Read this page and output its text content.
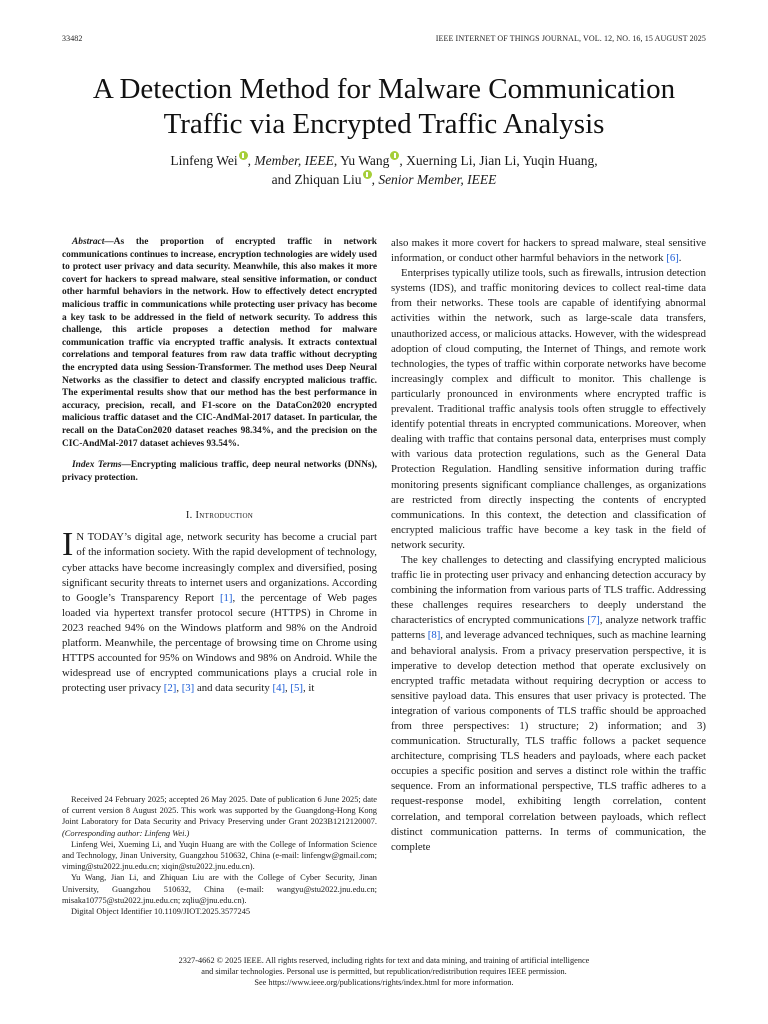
33482	IEEE INTERNET OF THINGS JOURNAL, VOL. 12, NO. 16, 15 AUGUST 2025
A Detection Method for Malware Communication
Traffic via Encrypted Traffic Analysis
Linfeng Wei , Member, IEEE, Yu Wang , Xuerning Li, Jian Li, Yuqin Huang,
and Zhiquan Liu , Senior Member, IEEE

Abstract—As the proportion of encrypted traffic in network communications continues to increase, encryption technologies are widely used to protect user privacy and data security. Meanwhile, this also makes it more covert for hackers to spread malware, steal sensitive information, or conduct other harmful behaviors in the network. How to effectively detect encrypted malicious traffic in communications while protecting user privacy has become a key task to be addressed in the field of network security. To address this challenge, this article proposes a detection method for malware communication traffic via encrypted traffic analysis. It extracts contextual correlations and temporal features from raw data traffic without decrypting the encrypted data using Session-Transformer. The method uses Deep Neural Networks as the classifier to detect and classify encrypted malicious traffic. The experimental results show that our method has the best performance in accuracy, precision, recall, and F1-score on the DataCon2020 encrypted malicious traffic dataset and the CIC-AndMal-2017 dataset. In particular, the recall on the DataCon2020 dataset reaches 98.34%, and the precision on the CIC-AndMal-2017 dataset achieves 93.54%.

Index Terms—Encrypting malicious traffic, deep neural networks (DNNs), privacy protection.

I. Introduction

I N TODAY’s digital age, network security has become a crucial part of the information society. With the rapid development of technology, cyber attacks have become increasingly complex and diversified, posing significant security threats to internet users and organizations. According to Google’s Transparency Report [1], the percentage of Web pages loaded via hypertext transfer protocol secure (HTTPS) in Chrome in 2023 reached 94% on the Windows platform and 98% on the Android platform. Meanwhile, the percentage of browsing time on Chrome using HTTPS accounted for 95% on Windows and 98% on Android. While the widespread use of encrypted communications plays a crucial role in protecting user privacy [2], [3] and data security [4], [5], it

Received 24 February 2025; accepted 26 May 2025. Date of publication 6 June 2025; date of current version 8 August 2025. This work was supported by the Guangdong-Hong Kong Joint Laboratory for Data Security and Privacy Preserving under Grant 2023B1212120007. (Corresponding author: Linfeng Wei.)

Linfeng Wei, Xueming Li, and Yuqin Huang are with the College of Information Science and Technology, Jinan University, Guangzhou 510632, China (e-mail: linfengw@gmail.com; viming@stu2022.jnu.edu.cn; xiqin@stu2022.jnu.edu.cn).

Yu Wang, Jian Li, and Zhiquan Liu are with the College of Cyber Security, Jinan University, Guangzhou 510632, China (e-mail: wangyu@stu2022.jnu.edu.cn; misaka10775@stu2022.jnu.edu.cn; zqliu@jnu.edu.cn).

Digital Object Identifier 10.1109/JIOT.2025.3577245

also makes it more covert for hackers to spread malware, steal sensitive information, or conduct other harmful behaviors in the network [6].

Enterprises typically utilize tools, such as firewalls, intrusion detection systems (IDS), and traffic monitoring devices to collect real-time data from their networks. These tools are capable of identifying abnormal activities within the network, such as large-scale data transfers, unauthorized access, or malicious attacks. However, with the widespread adoption of cloud computing, the Internet of Things, and remote work technologies, the types of traffic within corporate networks have become increasingly complex and difficult to monitor. This challenge is particularly pronounced in environments where encrypted traffic is prevalent. Traditional traffic analysis tools often struggle to effectively identify potential threats in encrypted communications. Moreover, when dealing with traffic that contains personal data, enterprises must comply with various data protection regulations, such as the General Data Protection Regulation. Handling sensitive information during traffic monitoring presents significant compliance challenges, as organizations are restricted from directly inspecting the contents of encrypted communications. In this context, the detection and classification of encrypted malicious traffic have become a key task in the field of network security.

The key challenges to detecting and classifying encrypted malicious traffic lie in protecting user privacy and enhancing detection accuracy by combining the information from various parts of TLS traffic. Addressing these challenges requires researchers to deeply understand the characteristics of encrypted communications [7], analyze network traffic patterns [8], and leverage advanced techniques, such as machine learning and behavioral analysis. From a privacy preservation perspective, it is imperative to develop detection method that operate exclusively on encrypted traffic metadata without requiring decryption or access to sensitive payload data. This ensures that user privacy is protected. The integration of various components of TLS traffic should be approached from three perspectives: 1) structure; 2) information; and 3) communication. Structurally, TLS traffic follows a packet sequence architecture, comprising TLS headers and payloads, where each packet occupies a specific position and serves a distinct role within the traffic sequence. From an informational perspective, TLS traffic adheres to a request-response model, exhibiting length correlation, content correlation, and temporal correlation between payloads, which reflect distinct communication patterns. In terms of communication, the complete

2327-4662 © 2025 IEEE. All rights reserved, including rights for text and data mining, and training of artificial intelligence
and similar technologies. Personal use is permitted, but republication/redistribution requires IEEE permission.
See https://www.ieee.org/publications/rights/index.html for more information.
